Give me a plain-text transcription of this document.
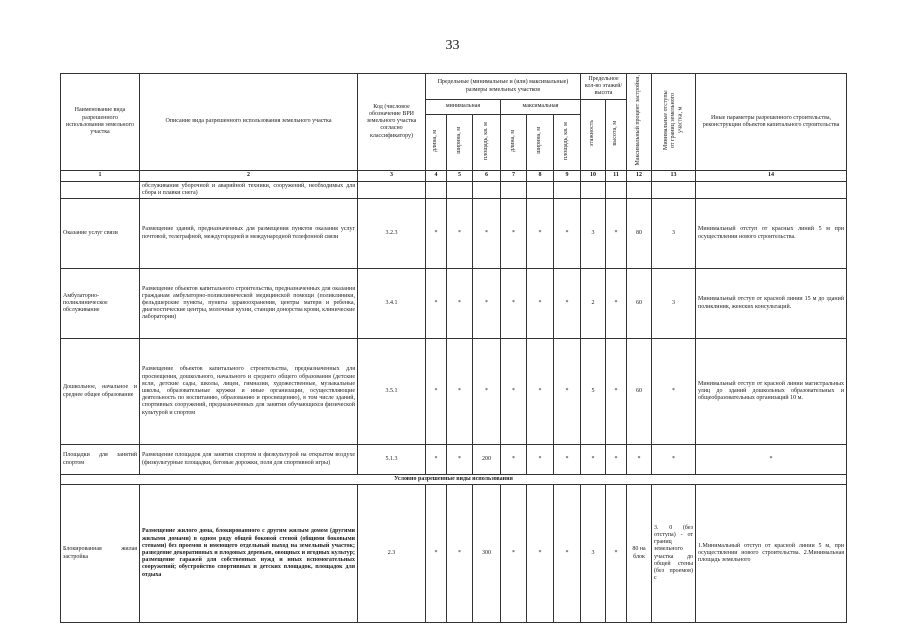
33
Наименование вида разрешенного использования земельного участка	Описание вида разрешенного использования земельного участка	Код (числовое обозначение ВРИ земельного участка согласно классификатору)	Предельные (минимальные и (или) максимальные) размеры земельных участков						Предельное кол-во этажей/ высота		Максимальный процент застройки,	Минимальные отступы от границ земельного участка, м	Иные параметры разрешенного строительства, реконструкции объектов капитального строительства
			минимальная			максимальная			этажность	высота, м			
			длина, м	ширина, м	площадь, кв. м	длина, м	ширина, м	площадь, кв. м					
1	2	3	4	5	6	7	8	9	10	11	12	13	14
	обслуживания уборочной и аварийной техники, сооружений, необходимых для сбора и плавки снега)												
Оказание услуг связи	Размещение зданий, предназначенных для размещения пунктов оказания услуг почтовой, телеграфной, междугородней и международной телефонной связи	3.2.3	*	*	*	*	*	*	3	*	80	3	Минимальный отступ от красных линий 5 м при осуществлении нового строительства.
Амбулаторно-поликлиническое обслуживание	Размещение объектов капитального строительства, предназначенных для оказания гражданам амбулаторно-поликлинической медицинской помощи (поликлиники, фельдшерские пункты, пункты здравоохранения, центры матери и ребенка, диагностические центры, молочные кухни, станции донорства крови, клинические лаборатории)	3.4.1	*	*	*	*	*	*	2	*	60	3	Минимальный отступ от красной линии 15 м до зданий поликлиник, женских консультаций.
Дошкольное, начальное и среднее общее образование	Размещение объектов капитального строительства, предназначенных для просвещения, дошкольного, начального и среднего общего образования (детские ясли, детские сады, школы, лицеи, гимназии, художественные, музыкальные школы, образовательные кружки и иные организации, осуществляющие деятельность по воспитанию, образованию и просвещению), в том числе зданий, спортивных сооружений, предназначенных для занятия обучающихся физической культурой и спортом	3.5.1	*	*	*	*	*	*	5	*	60	*	Минимальный отступ от красной линии магистральных улиц до зданий дошкольных образовательных и общеобразовательных организаций 10 м.
Площадки для занятий спортом	Размещение площадок для занятия спортом и физкультурой на открытом воздухе (физкультурные площадки, беговые дорожки, поля для спортивной игры)	5.1.3	*	*	200	*	*	*	*	*	*	*	*
Условно разрешенные виды использования													
Блокированная жилая застройка	Размещение жилого дома, блокированного с другим жилым домом (другими жилыми домами) в одном ряду общей боковой стеной (общими боковыми стенами) без проемов и имеющего отдельный выход на земельный участок; разведение декоративных и плодовых деревьев, овощных и ягодных культур; размещение гаражей для собственных нужд и иных вспомогательных сооружений; обустройство спортивных и детских площадок, площадок для отдыха	2.3	*	*	300	*	*	*	3	*	80 на блок	3. 0 (без отступа) - от границ земельного участка до общей стены (без проемов) с	1.Минимальный отступ от красной линии 5 м, при осуществлении нового строительства. 2.Минимальная площадь земельного
